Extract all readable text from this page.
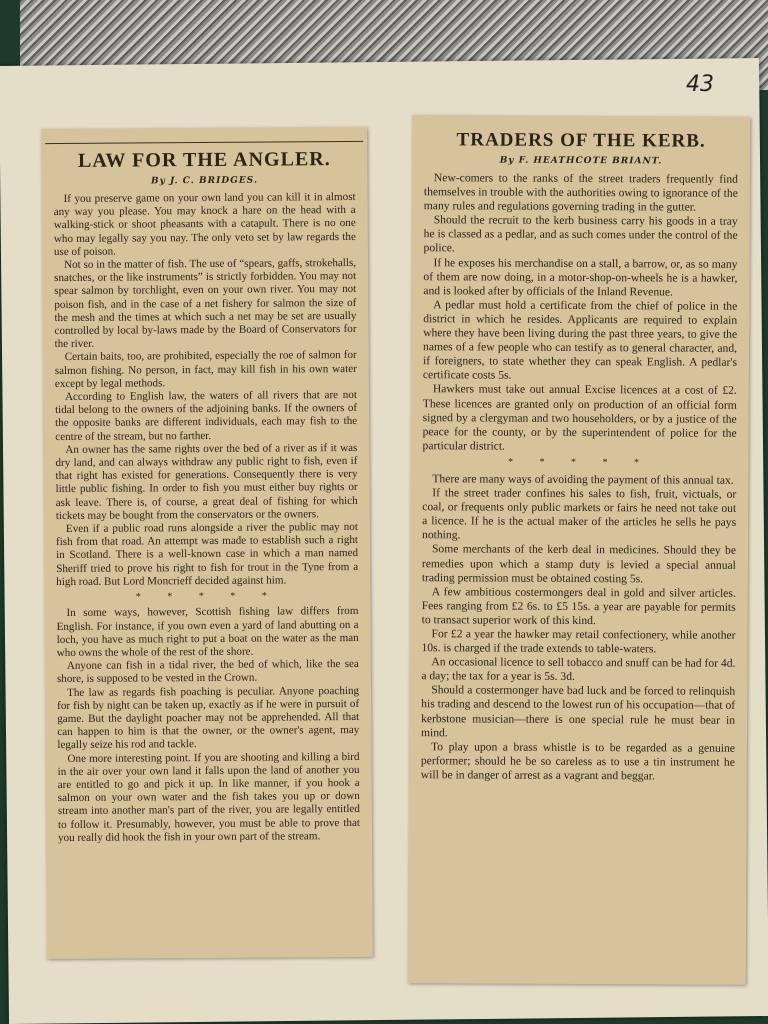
43
LAW FOR THE ANGLER.
By J. C. BRIDGES.

If you preserve game on your own land you can kill it in almost any way you please. You may knock a hare on the head with a walking-stick or shoot pheasants with a catapult. There is no one who may legally say you nay. The only veto set by law regards the use of poison.

Not so in the matter of fish. The use of “spears, gaffs, strokehalls, snatches, or the like instruments” is strictly forbidden. You may not spear salmon by torchlight, even on your own river. You may not poison fish, and in the case of a net fishery for salmon the size of the mesh and the times at which such a net may be set are usually controlled by local by-laws made by the Board of Conservators for the river.

Certain baits, too, are prohibited, especially the roe of salmon for salmon fishing. No person, in fact, may kill fish in his own water except by legal methods.

According to English law, the waters of all rivers that are not tidal belong to the owners of the adjoining banks. If the owners of the opposite banks are different individuals, each may fish to the centre of the stream, but no farther.

An owner has the same rights over the bed of a river as if it was dry land, and can always withdraw any public right to fish, even if that right has existed for generations. Consequently there is very little public fishing. In order to fish you must either buy rights or ask leave. There is, of course, a great deal of fishing for which tickets may be bought from the conservators or the owners.

Even if a public road runs alongside a river the public may not fish from that road. An attempt was made to establish such a right in Scotland. There is a well-known case in which a man named Sheriff tried to prove his right to fish for trout in the Tyne from a high road. But Lord Moncrieff decided against him.

* * * * *

In some ways, however, Scottish fishing law differs from English. For instance, if you own even a yard of land abutting on a loch, you have as much right to put a boat on the water as the man who owns the whole of the rest of the shore.

Anyone can fish in a tidal river, the bed of which, like the sea shore, is supposed to be vested in the Crown.

The law as regards fish poaching is peculiar. Anyone poaching for fish by night can be taken up, exactly as if he were in pursuit of game. But the daylight poacher may not be apprehended. All that can happen to him is that the owner, or the owner's agent, may legally seize his rod and tackle.

One more interesting point. If you are shooting and killing a bird in the air over your own land it falls upon the land of another you are entitled to go and pick it up. In like manner, if you hook a salmon on your own water and the fish takes you up or down stream into another man's part of the river, you are legally entitled to follow it. Presumably, however, you must be able to prove that you really did hook the fish in your own part of the stream.

TRADERS OF THE KERB.
By F. HEATHCOTE BRIANT.

New-comers to the ranks of the street traders frequently find themselves in trouble with the authorities owing to ignorance of the many rules and regulations governing trading in the gutter.

Should the recruit to the kerb business carry his goods in a tray he is classed as a pedlar, and as such comes under the control of the police.

If he exposes his merchandise on a stall, a barrow, or, as so many of them are now doing, in a motor-shop-on-wheels he is a hawker, and is looked after by officials of the Inland Revenue.

A pedlar must hold a certificate from the chief of police in the district in which he resides. Applicants are required to explain where they have been living during the past three years, to give the names of a few people who can testify as to general character, and, if foreigners, to state whether they can speak English. A pedlar's certificate costs 5s.

Hawkers must take out annual Excise licences at a cost of £2. These licences are granted only on production of an official form signed by a clergyman and two householders, or by a justice of the peace for the county, or by the superintendent of police for the particular district.

* * * * *

There are many ways of avoiding the payment of this annual tax.

If the street trader confines his sales to fish, fruit, victuals, or coal, or frequents only public markets or fairs he need not take out a licence. If he is the actual maker of the articles he sells he pays nothing.

Some merchants of the kerb deal in medicines. Should they be remedies upon which a stamp duty is levied a special annual trading permission must be obtained costing 5s.

A few ambitious costermongers deal in gold and silver articles. Fees ranging from £2 6s. to £5 15s. a year are payable for permits to transact superior work of this kind.

For £2 a year the hawker may retail confectionery, while another 10s. is charged if the trade extends to table-waters.

An occasional licence to sell tobacco and snuff can be had for 4d. a day; the tax for a year is 5s. 3d.

Should a costermonger have bad luck and be forced to relinquish his trading and descend to the lowest run of his occupation—that of kerbstone musician—there is one special rule he must bear in mind.

To play upon a brass whistle is to be regarded as a genuine performer; should he be so careless as to use a tin instrument he will be in danger of arrest as a vagrant and beggar.
